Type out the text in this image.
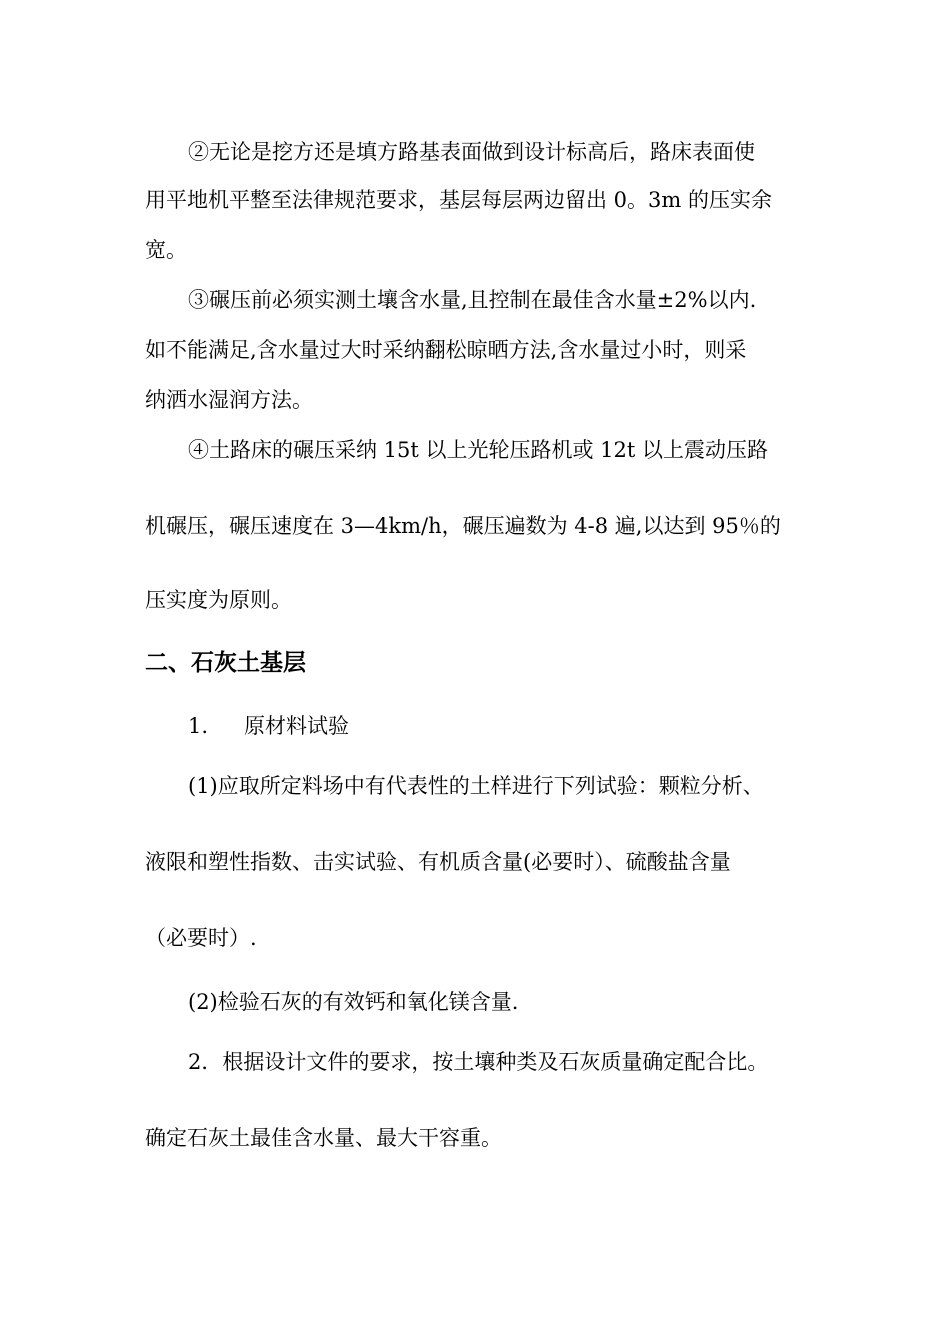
②无论是挖方还是填方路基表面做到设计标高后，路床表面使
用平地机平整至法律规范要求，基层每层两边留出 0。3m 的压实余
宽。
③碾压前必须实测土壤含水量,且控制在最佳含水量±2%以内.
如不能满足,含水量过大时采纳翻松晾晒方法,含水量过小时，则采
纳洒水湿润方法。
④土路床的碾压采纳 15t 以上光轮压路机或 12t 以上震动压路
机碾压，碾压速度在 3—4km/h，碾压遍数为 4-8 遍,以达到 95％的
压实度为原则。
二、石灰土基层
1. 原材料试验
(1)应取所定料场中有代表性的土样进行下列试验：颗粒分析、
液限和塑性指数、击实试验、有机质含量(必要时）、硫酸盐含量
（必要时）.
(2)检验石灰的有效钙和氧化镁含量.
2．根据设计文件的要求，按土壤种类及石灰质量确定配合比。
确定石灰土最佳含水量、最大干容重。
